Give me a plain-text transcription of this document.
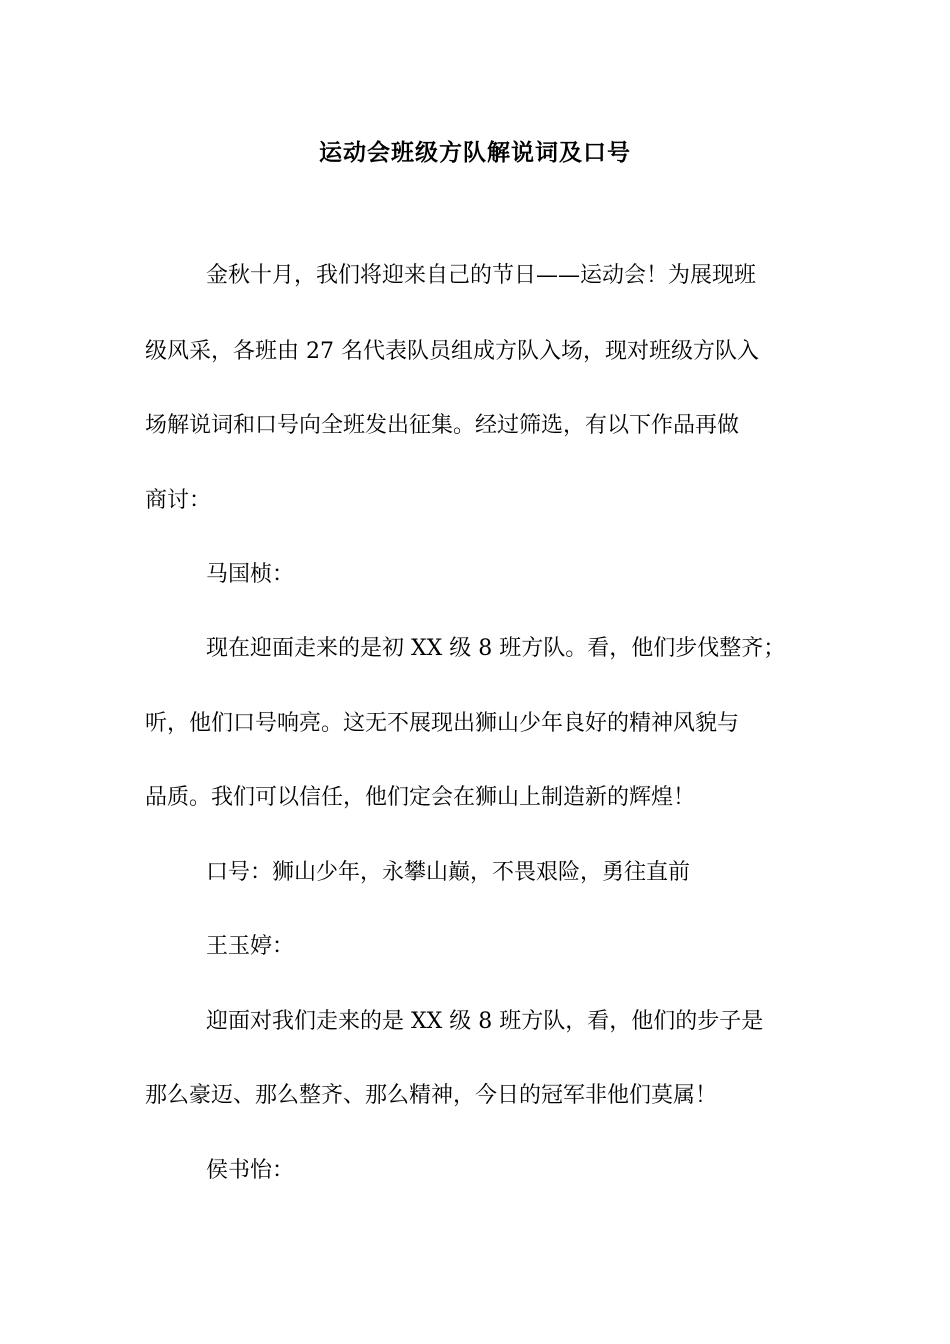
运动会班级方队解说词及口号
金秋十月，我们将迎来自己的节日——运动会！为展现班
级风采，各班由 27 名代表队员组成方队入场，现对班级方队入
场解说词和口号向全班发出征集。经过筛选，有以下作品再做
商讨：
马国桢：
现在迎面走来的是初 XX 级 8 班方队。看，他们步伐整齐；
听，他们口号响亮。这无不展现出狮山少年良好的精神风貌与
品质。我们可以信任，他们定会在狮山上制造新的辉煌！
口号：狮山少年，永攀山巅，不畏艰险，勇往直前
王玉婷：
迎面对我们走来的是 XX 级 8 班方队，看，他们的步子是
那么豪迈、那么整齐、那么精神，今日的冠军非他们莫属！
侯书怡：
